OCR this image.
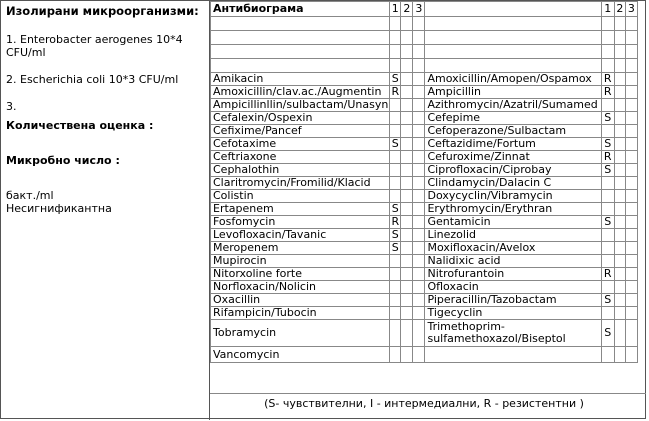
Изолирани микроорганизми:
1. Enterobacter aerogenes 10*4 CFU/ml
2. Escherichia coli 10*3 CFU/ml
3.
Количествена оценка :
Микробно число :
бакт./ml
Несигнификантна
Антибиограма	1	2	3		1	2	3

Amikacin	S			Amoxicillin/Amopen/Ospamox	R		
Amoxicillin/clav.ac./Augmentin	R			Ampicillin	R		
Ampicillinllin/sulbactam/Unasyn				Azithromycin/Azatril/Sumamed			
Cefalexin/Ospexin				Cefepime	S		
Cefixime/Pancef				Cefoperazone/Sulbactam			
Cefotaxime	S			Ceftazidime/Fortum	S		
Ceftriaxone				Cefuroxime/Zinnat	R		
Cephalothin				Ciprofloxacin/Ciprobay	S		
Claritromycin/Fromilid/Klacid				Clindamycin/Dalacin C			
Colistin				Doxycyclin/Vibramycin			
Ertapenem	S			Erythromycin/Erythran			
Fosfomycin	R			Gentamicin	S		
Levofloxacin/Tavanic	S			Linezolid			
Meropenem	S			Moxifloxacin/Avelox			
Mupirocin				Nalidixic acid			
Nitorxoline forte				Nitrofurantoin	R		
Norfloxacin/Nolicin				Ofloxacin			
Oxacillin				Piperacillin/Tazobactam	S		
Rifampicin/Tubocin				Tigecyclin			
Tobramycin				Trimethoprim-sulfamethoxazol/Biseptol	S		
Vancomycin							
(S- чувствителни, I - интермедиални, R - резистентни )
